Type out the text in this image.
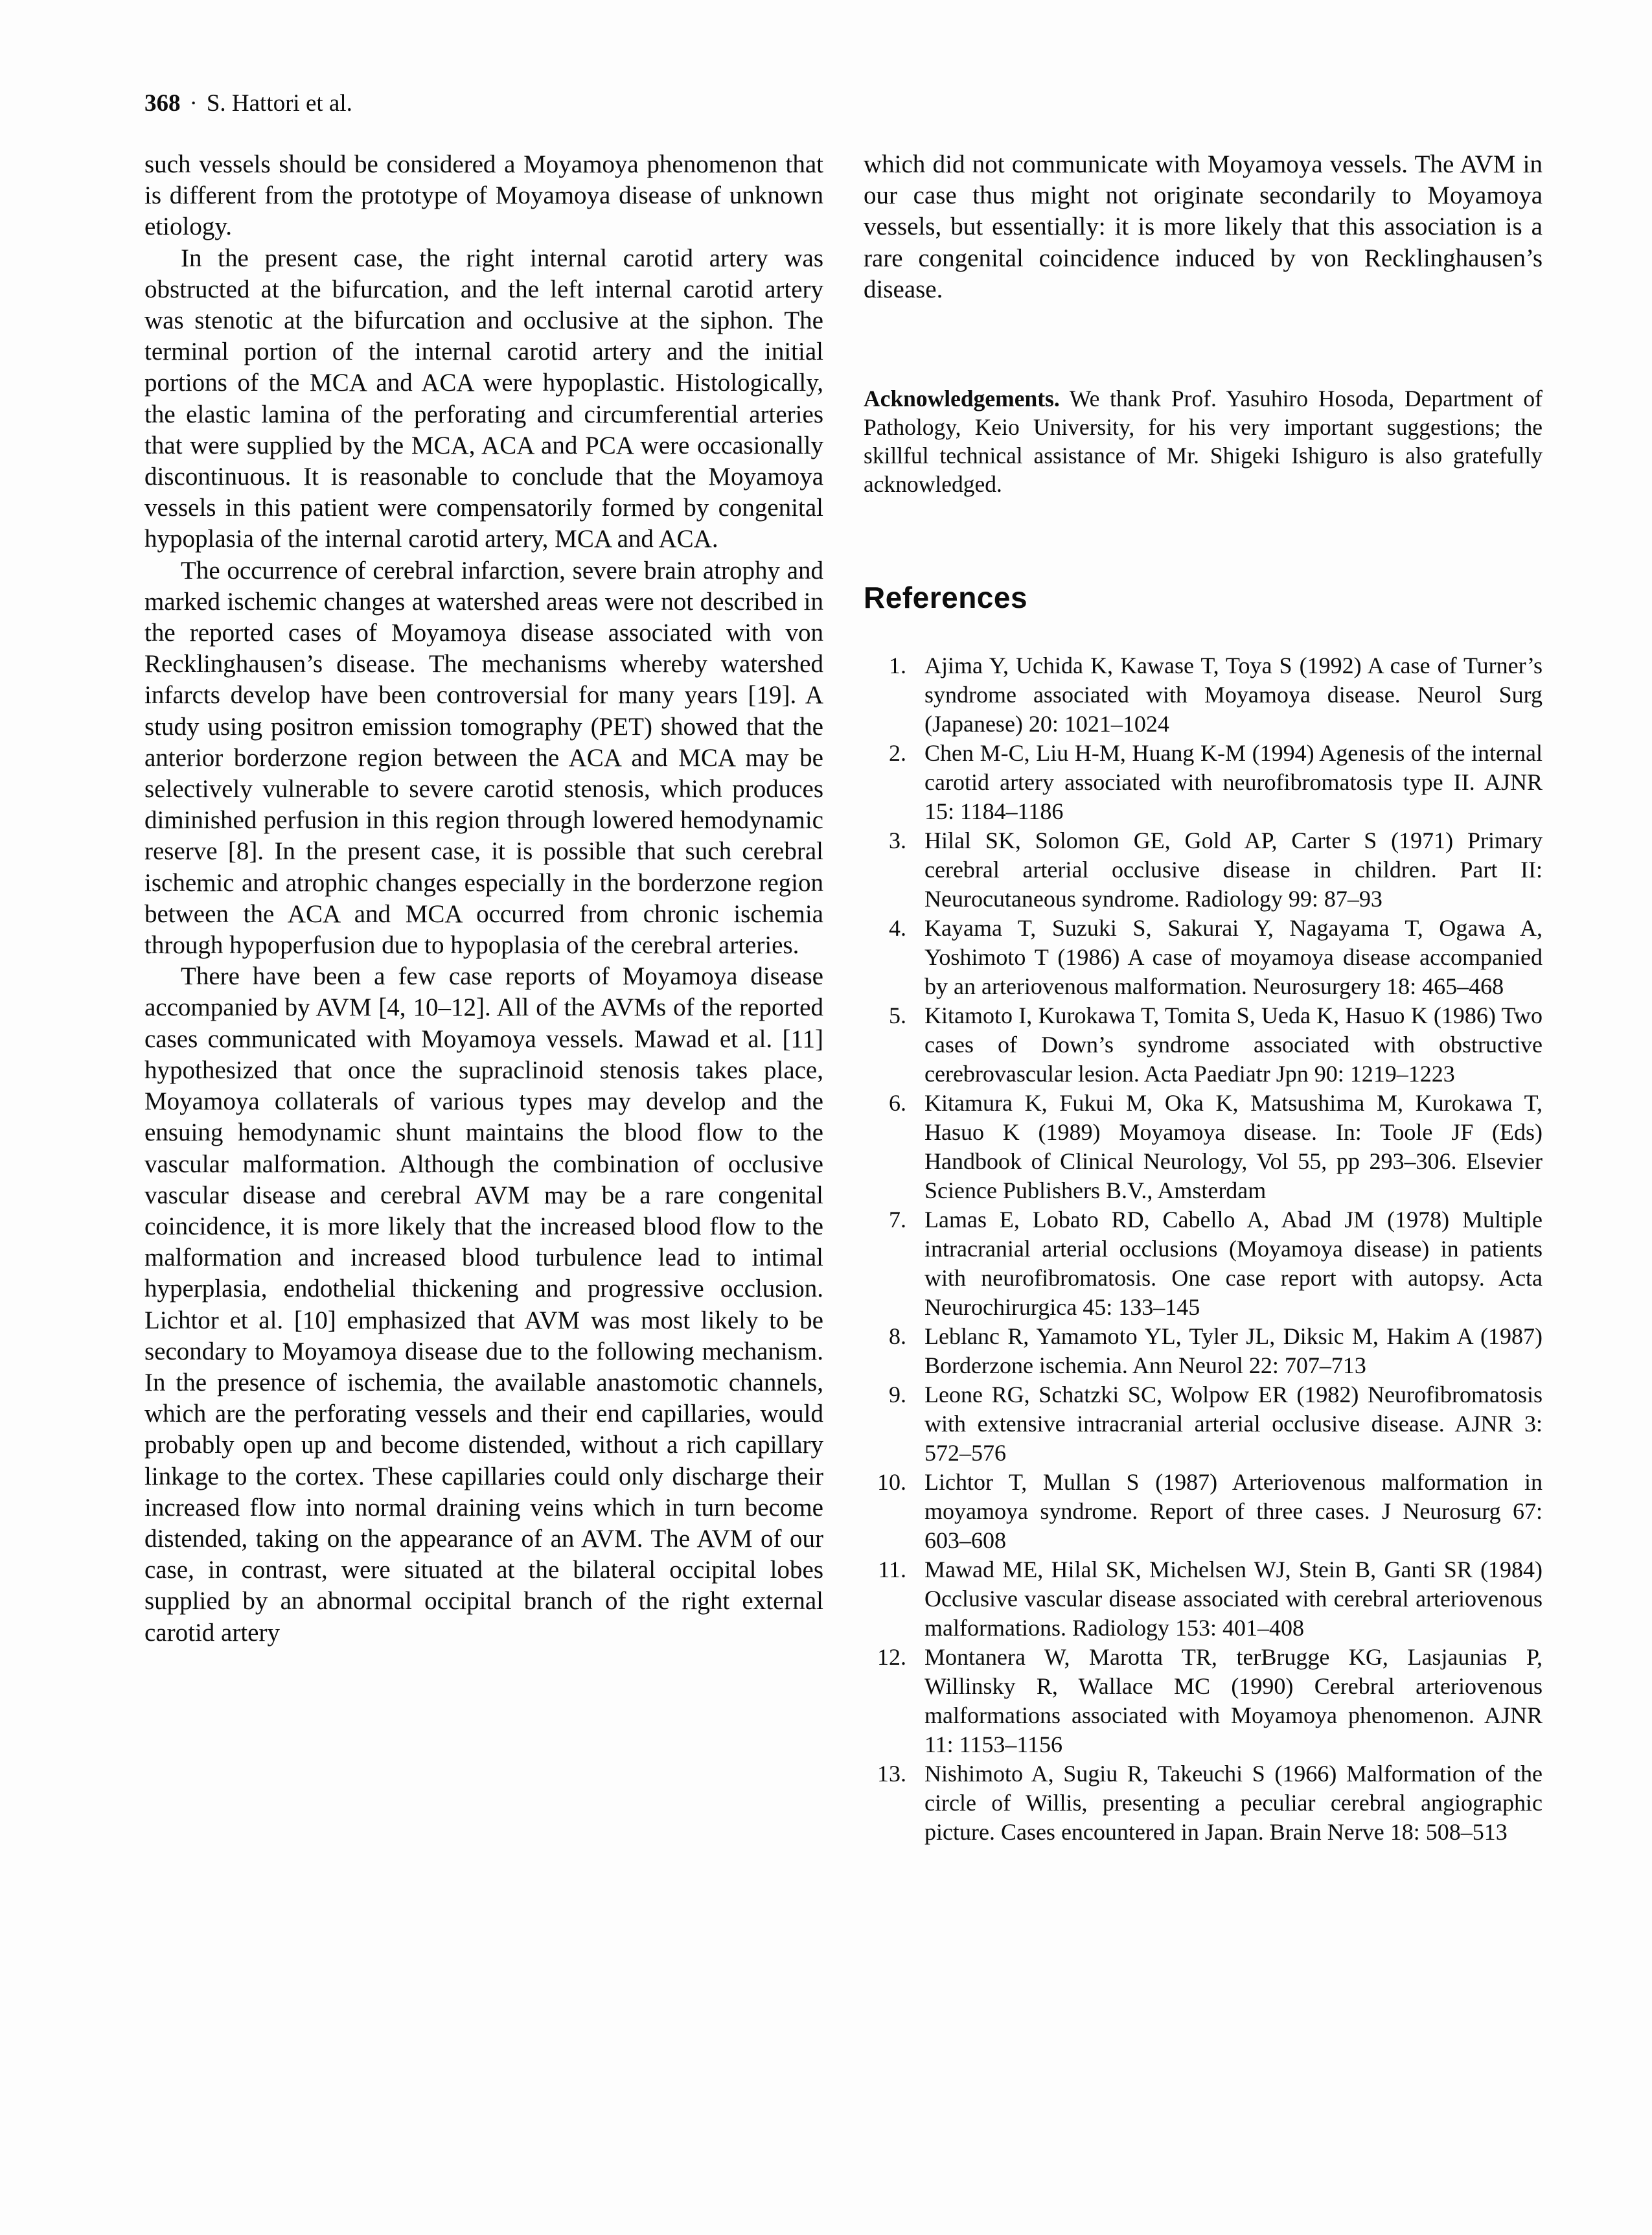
368 · S. Hattori et al.

such vessels should be considered a Moyamoya phenomenon that is different from the prototype of Moyamoya disease of unknown etiology.

In the present case, the right internal carotid artery was obstructed at the bifurcation, and the left internal carotid artery was stenotic at the bifurcation and occlusive at the siphon. The terminal portion of the internal carotid artery and the initial portions of the MCA and ACA were hypoplastic. Histologically, the elastic lamina of the perforating and circumferential arteries that were supplied by the MCA, ACA and PCA were occasionally discontinuous. It is reasonable to conclude that the Moyamoya vessels in this patient were compensatorily formed by congenital hypoplasia of the internal carotid artery, MCA and ACA.

The occurrence of cerebral infarction, severe brain atrophy and marked ischemic changes at watershed areas were not described in the reported cases of Moyamoya disease associated with von Recklinghausen’s disease. The mechanisms whereby watershed infarcts develop have been controversial for many years [19]. A study using positron emission tomography (PET) showed that the anterior borderzone region between the ACA and MCA may be selectively vulnerable to severe carotid stenosis, which produces diminished perfusion in this region through lowered hemodynamic reserve [8]. In the present case, it is possible that such cerebral ischemic and atrophic changes especially in the borderzone region between the ACA and MCA occurred from chronic ischemia through hypoperfusion due to hypoplasia of the cerebral arteries.

There have been a few case reports of Moyamoya disease accompanied by AVM [4, 10–12]. All of the AVMs of the reported cases communicated with Moyamoya vessels. Mawad et al. [11] hypothesized that once the supraclinoid stenosis takes place, Moyamoya collaterals of various types may develop and the ensuing hemodynamic shunt maintains the blood flow to the vascular malformation. Although the combination of occlusive vascular disease and cerebral AVM may be a rare congenital coincidence, it is more likely that the increased blood flow to the malformation and increased blood turbulence lead to intimal hyperplasia, endothelial thickening and progressive occlusion. Lichtor et al. [10] emphasized that AVM was most likely to be secondary to Moyamoya disease due to the following mechanism. In the presence of ischemia, the available anastomotic channels, which are the perforating vessels and their end capillaries, would probably open up and become distended, without a rich capillary linkage to the cortex. These capillaries could only discharge their increased flow into normal draining veins which in turn become distended, taking on the appearance of an AVM. The AVM of our case, in contrast, were situated at the bilateral occipital lobes supplied by an abnormal occipital branch of the right external carotid artery

which did not communicate with Moyamoya vessels. The AVM in our case thus might not originate secondarily to Moyamoya vessels, but essentially: it is more likely that this association is a rare congenital coincidence induced by von Recklinghausen’s disease.

Acknowledgements. We thank Prof. Yasuhiro Hosoda, Department of Pathology, Keio University, for his very important suggestions; the skillful technical assistance of Mr. Shigeki Ishiguro is also gratefully acknowledged.

References
1. Ajima Y, Uchida K, Kawase T, Toya S (1992) A case of Turner’s syndrome associated with Moyamoya disease. Neurol Surg (Japanese) 20: 1021–1024
2. Chen M-C, Liu H-M, Huang K-M (1994) Agenesis of the internal carotid artery associated with neurofibromatosis type II. AJNR 15: 1184–1186
3. Hilal SK, Solomon GE, Gold AP, Carter S (1971) Primary cerebral arterial occlusive disease in children. Part II: Neurocutaneous syndrome. Radiology 99: 87–93
4. Kayama T, Suzuki S, Sakurai Y, Nagayama T, Ogawa A, Yoshimoto T (1986) A case of moyamoya disease accompanied by an arteriovenous malformation. Neurosurgery 18: 465–468
5. Kitamoto I, Kurokawa T, Tomita S, Ueda K, Hasuo K (1986) Two cases of Down’s syndrome associated with obstructive cerebrovascular lesion. Acta Paediatr Jpn 90: 1219–1223
6. Kitamura K, Fukui M, Oka K, Matsushima M, Kurokawa T, Hasuo K (1989) Moyamoya disease. In: Toole JF (Eds) Handbook of Clinical Neurology, Vol 55, pp 293–306. Elsevier Science Publishers B.V., Amsterdam
7. Lamas E, Lobato RD, Cabello A, Abad JM (1978) Multiple intracranial arterial occlusions (Moyamoya disease) in patients with neurofibromatosis. One case report with autopsy. Acta Neurochirurgica 45: 133–145
8. Leblanc R, Yamamoto YL, Tyler JL, Diksic M, Hakim A (1987) Borderzone ischemia. Ann Neurol 22: 707–713
9. Leone RG, Schatzki SC, Wolpow ER (1982) Neurofibromatosis with extensive intracranial arterial occlusive disease. AJNR 3: 572–576
10. Lichtor T, Mullan S (1987) Arteriovenous malformation in moyamoya syndrome. Report of three cases. J Neurosurg 67: 603–608
11. Mawad ME, Hilal SK, Michelsen WJ, Stein B, Ganti SR (1984) Occlusive vascular disease associated with cerebral arteriovenous malformations. Radiology 153: 401–408
12. Montanera W, Marotta TR, terBrugge KG, Lasjaunias P, Willinsky R, Wallace MC (1990) Cerebral arteriovenous malformations associated with Moyamoya phenomenon. AJNR 11: 1153–1156
13. Nishimoto A, Sugiu R, Takeuchi S (1966) Malformation of the circle of Willis, presenting a peculiar cerebral angiographic picture. Cases encountered in Japan. Brain Nerve 18: 508–513
